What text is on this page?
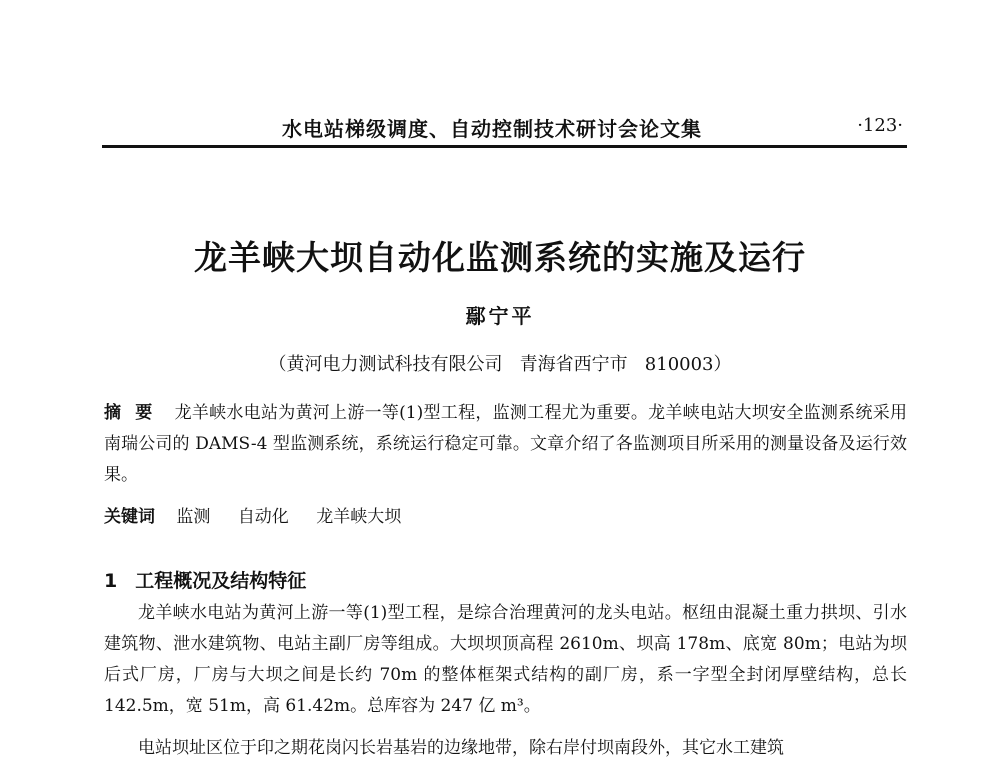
水电站梯级调度、自动控制技术研讨会论文集	·123·
龙羊峡大坝自动化监测系统的实施及运行
鄢宁平
（黄河电力测试科技有限公司   青海省西宁市   810003）
摘要 龙羊峡水电站为黄河上游一等(1)型工程，监测工程尤为重要。龙羊峡电站大坝安全监测系统采用南瑞公司的 DAMS-4 型监测系统，系统运行稳定可靠。文章介绍了各监测项目所采用的测量设备及运行效果。
关键词 监测 自动化 龙羊峡大坝
1 工程概况及结构特征
龙羊峡水电站为黄河上游一等(1)型工程，是综合治理黄河的龙头电站。枢纽由混凝土重力拱坝、引水建筑物、泄水建筑物、电站主副厂房等组成。大坝坝顶高程 2610m、坝高 178m、底宽 80m；电站为坝后式厂房，厂房与大坝之间是长约 70m 的整体框架式结构的副厂房，系一字型全封闭厚壁结构，总长 142.5m，宽 51m，高 61.42m。总库容为 247 亿 m³。
电站坝址区位于印之期花岗闪长岩基岩的边缘地带，除右岸付坝南段外，其它水工建筑
